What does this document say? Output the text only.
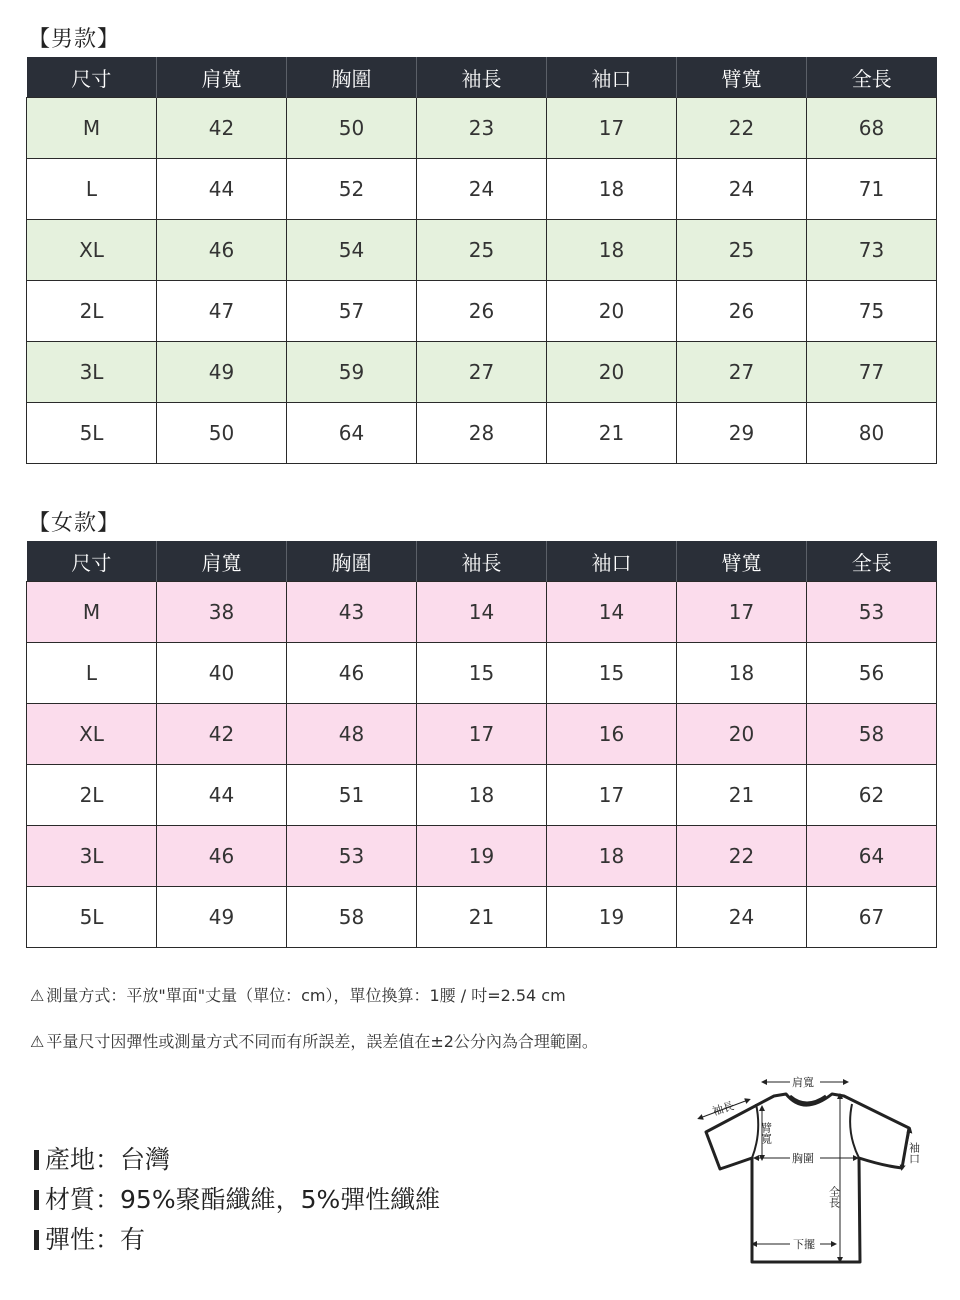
【男款】
尺寸	肩寬	胸圍	袖長	袖口	臂寬	全長
M	42	50	23	17	22	68
L	44	52	24	18	24	71
XL	46	54	25	18	25	73
2L	47	57	26	20	26	75
3L	49	59	27	20	27	77
5L	50	64	28	21	29	80
【女款】
尺寸	肩寬	胸圍	袖長	袖口	臂寬	全長
M	38	43	14	14	17	53
L	40	46	15	15	18	56
XL	42	48	17	16	20	58
2L	44	51	18	17	21	62
3L	46	53	19	18	22	64
5L	49	58	21	19	24	67
⚠ 測量方式：平放"單面"丈量（單位：cm），單位換算：1腰 / 吋=2.54 cm
⚠ 平量尺寸因彈性或測量方式不同而有所誤差，誤差值在±2公分內為合理範圍。
產地：台灣
材質：95%聚酯纖維，5%彈性纖維
彈性：有
肩寬
袖長
臂寬
胸圍	袖口
全長
下擺
